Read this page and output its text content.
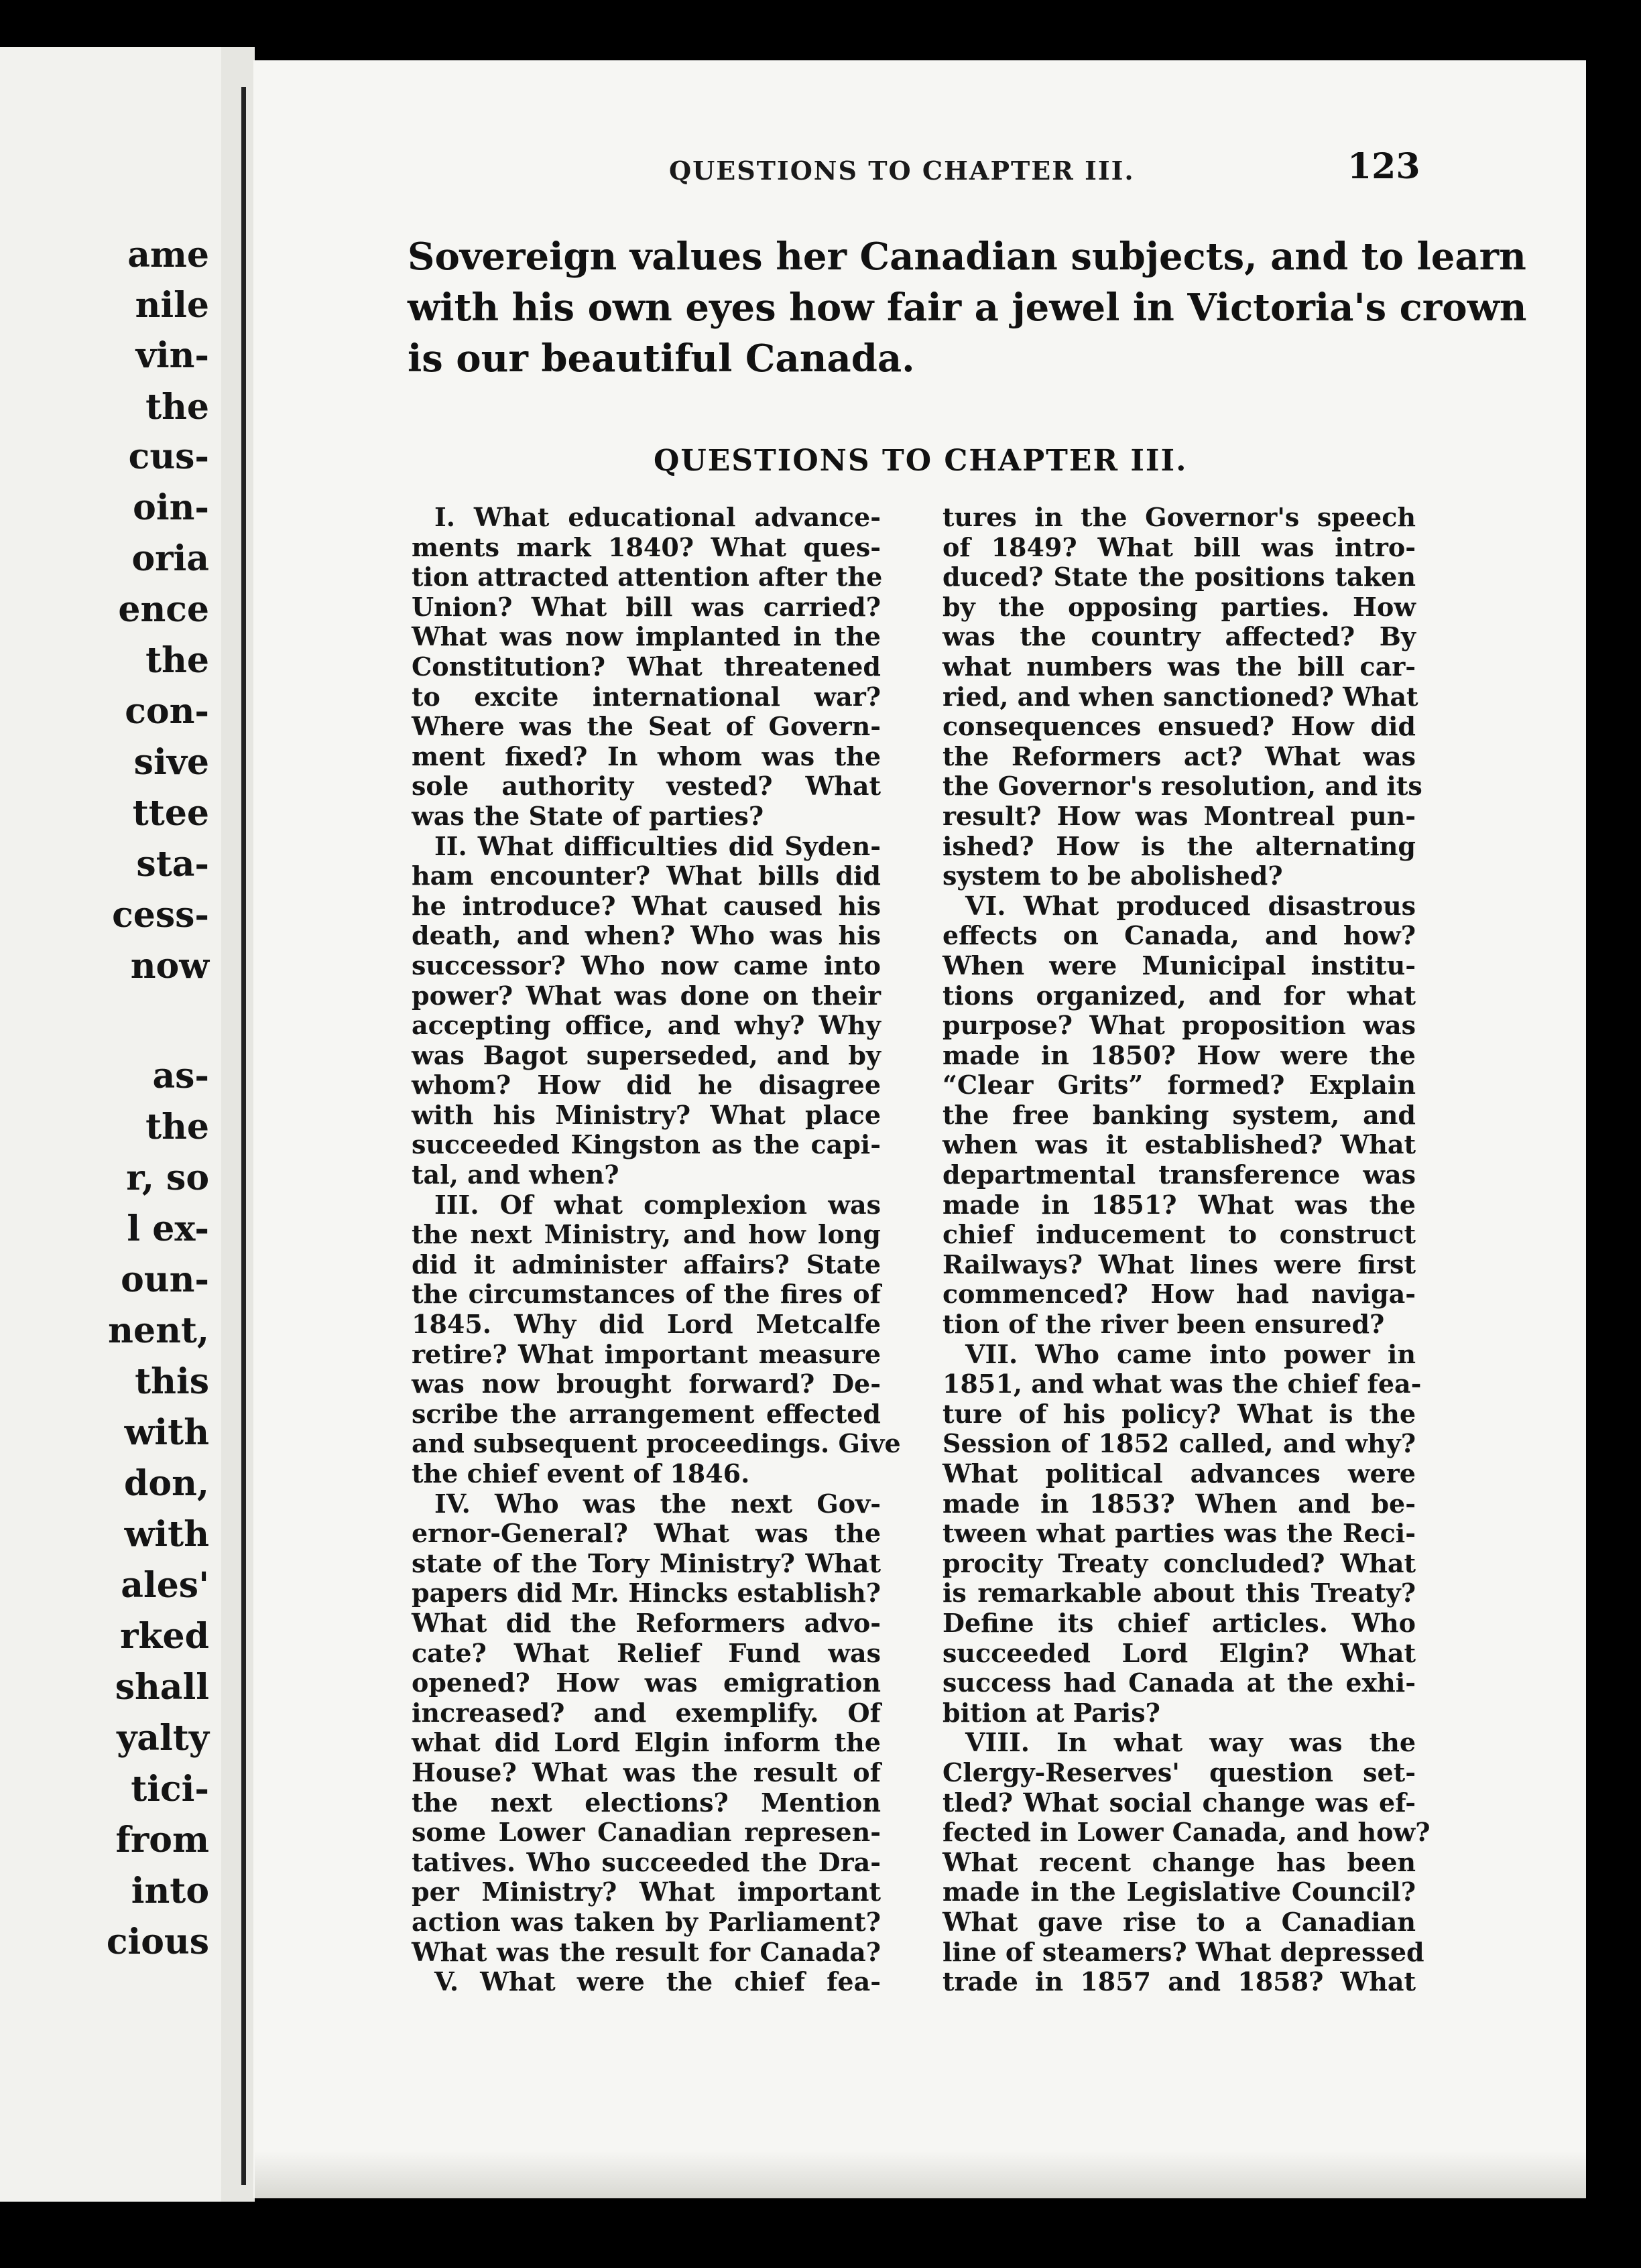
ame
nile
vin-
the
cus-
oin-
oria
ence
the
con-
sive
ttee
sta-
cess-
now
as-
the
r, so
l ex-
oun-
nent,
this
with
don,
with
ales'
rked
shall
yalty
tici-
from
into
cious
QUESTIONS TO CHAPTER III.	123
Sovereign values her Canadian subjects, and to learn
with his own eyes how fair a jewel in Victoria's crown
is our beautiful Canada.
QUESTIONS TO CHAPTER III.
I. What educational advance-
ments mark 1840? What ques-
tion attracted attention after the
Union? What bill was carried?
What was now implanted in the
Constitution? What threatened
to excite international war?
Where was the Seat of Govern-
ment fixed? In whom was the
sole authority vested? What
was the State of parties?
II. What difficulties did Syden-
ham encounter? What bills did
he introduce? What caused his
death, and when? Who was his
successor? Who now came into
power? What was done on their
accepting office, and why? Why
was Bagot superseded, and by
whom? How did he disagree
with his Ministry? What place
succeeded Kingston as the capi-
tal, and when?
III. Of what complexion was
the next Ministry, and how long
did it administer affairs? State
the circumstances of the fires of
1845. Why did Lord Metcalfe
retire? What important measure
was now brought forward? De-
scribe the arrangement effected
and subsequent proceedings. Give
the chief event of 1846.
IV. Who was the next Gov-
ernor-General? What was the
state of the Tory Ministry? What
papers did Mr. Hincks establish?
What did the Reformers advo-
cate? What Relief Fund was
opened? How was emigration
increased? and exemplify. Of
what did Lord Elgin inform the
House? What was the result of
the next elections? Mention
some Lower Canadian represen-
tatives. Who succeeded the Dra-
per Ministry? What important
action was taken by Parliament?
What was the result for Canada?
V. What were the chief fea-
tures in the Governor's speech
of 1849? What bill was intro-
duced? State the positions taken
by the opposing parties. How
was the country affected? By
what numbers was the bill car-
ried, and when sanctioned? What
consequences ensued? How did
the Reformers act? What was
the Governor's resolution, and its
result? How was Montreal pun-
ished? How is the alternating
system to be abolished?
VI. What produced disastrous
effects on Canada, and how?
When were Municipal institu-
tions organized, and for what
purpose? What proposition was
made in 1850? How were the
“Clear Grits” formed? Explain
the free banking system, and
when was it established? What
departmental transference was
made in 1851? What was the
chief inducement to construct
Railways? What lines were first
commenced? How had naviga-
tion of the river been ensured?
VII. Who came into power in
1851, and what was the chief fea-
ture of his policy? What is the
Session of 1852 called, and why?
What political advances were
made in 1853? When and be-
tween what parties was the Reci-
procity Treaty concluded? What
is remarkable about this Treaty?
Define its chief articles. Who
succeeded Lord Elgin? What
success had Canada at the exhi-
bition at Paris?
VIII. In what way was the
Clergy-Reserves' question set-
tled? What social change was ef-
fected in Lower Canada, and how?
What recent change has been
made in the Legislative Council?
What gave rise to a Canadian
line of steamers? What depressed
trade in 1857 and 1858? What
